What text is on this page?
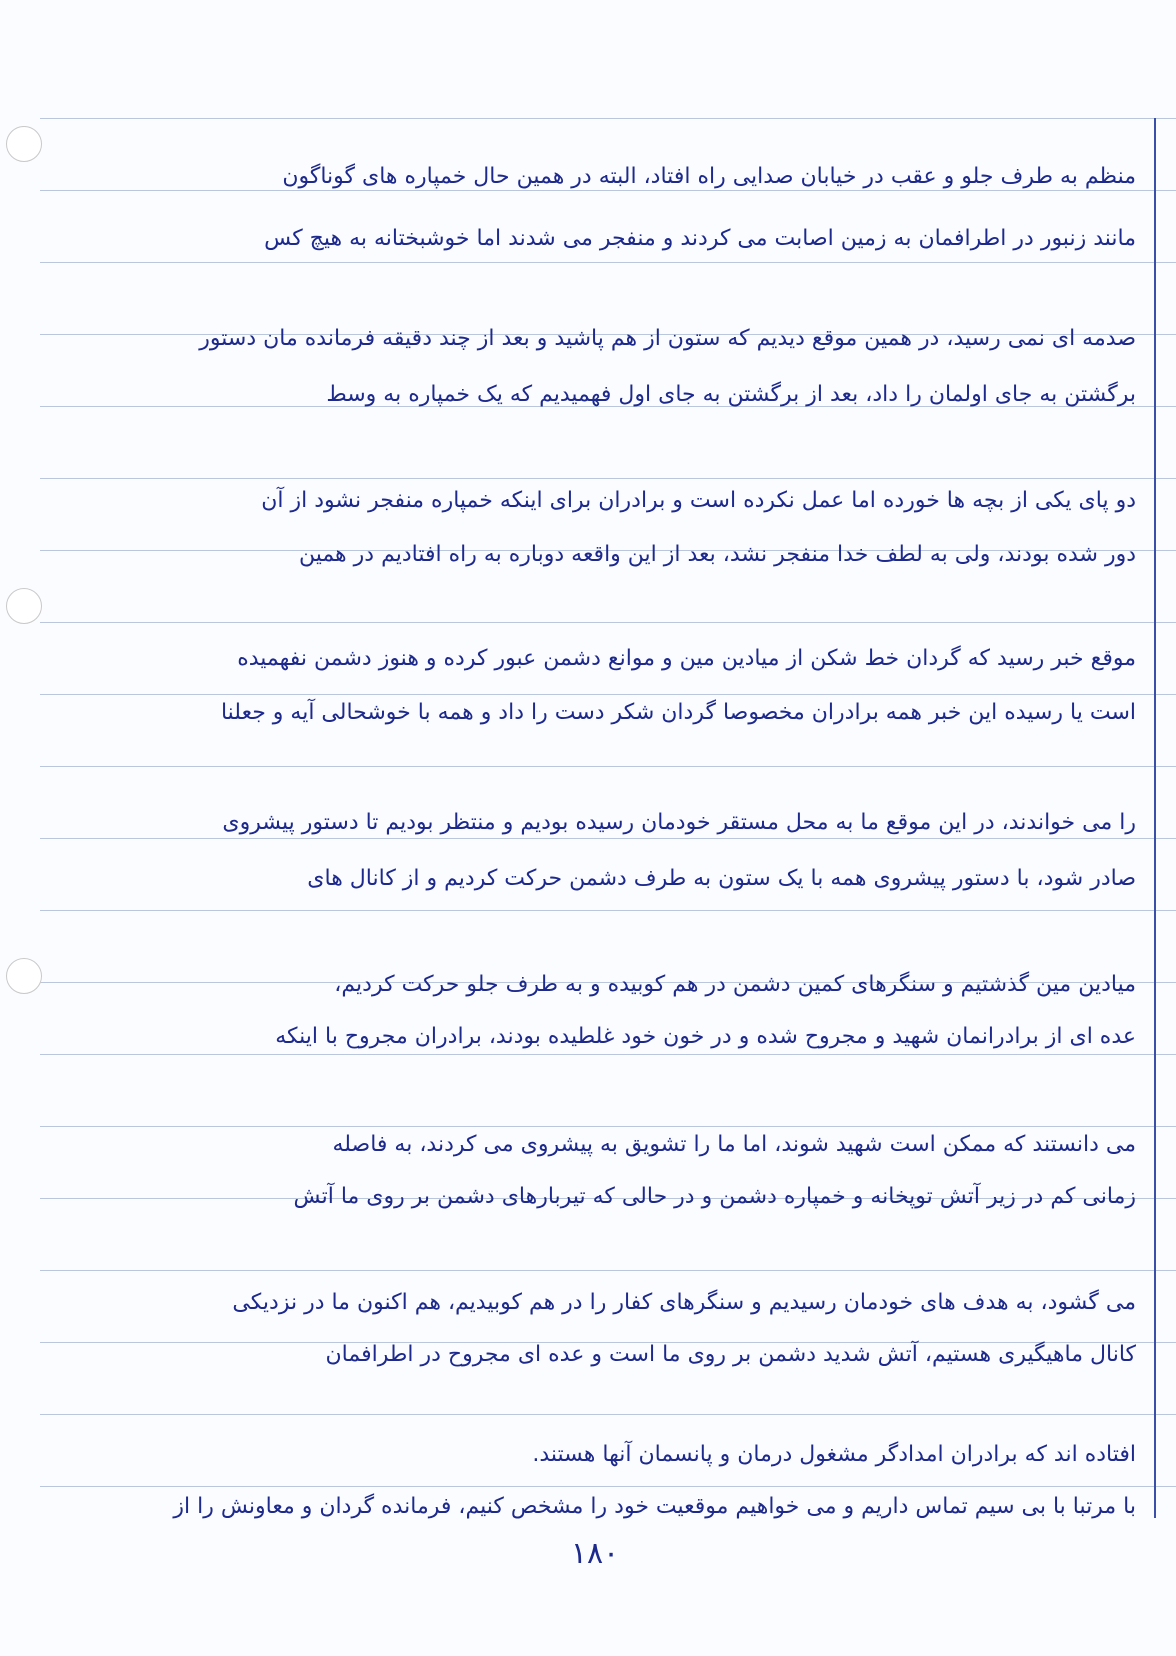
منظم به طرف جلو و عقب در خیابان صدایی راه افتاد، البته در همین حال خمپاره های گوناگون
مانند زنبور در اطرافمان به زمین اصابت می کردند و منفجر می شدند اما خوشبختانه به هیچ کس
صدمه ای نمی رسید، در همین موقع دیدیم که ستون از هم پاشید و بعد از چند دقیقه فرمانده مان دستور
برگشتن به جای اولمان را داد، بعد از برگشتن به جای اول فهمیدیم که یک خمپاره به وسط
دو پای یکی از بچه ها خورده اما عمل نکرده است و برادران برای اینکه خمپاره منفجر نشود از آن
دور شده بودند، ولی به لطف خدا منفجر نشد، بعد از این واقعه دوباره به راه افتادیم در همین
موقع خبر رسید که گردان خط شکن از میادین مین و موانع دشمن عبور کرده و هنوز دشمن نفهمیده
است یا رسیده این خبر همه برادران مخصوصا گردان شکر دست را داد و همه با خوشحالی آیه و جعلنا
را می خواندند، در این موقع ما به محل مستقر خودمان رسیده بودیم و منتظر بودیم تا دستور پیشروی
صادر شود، با دستور پیشروی همه با یک ستون به طرف دشمن حرکت کردیم و از کانال های
میادین مین گذشتیم و سنگرهای کمین دشمن در هم کوبیده و به طرف جلو حرکت کردیم،
عده ای از برادرانمان شهید و مجروح شده و در خون خود غلطیده بودند، برادران مجروح با اینکه
می دانستند که ممکن است شهید شوند، اما ما را تشویق به پیشروی می کردند، به فاصله
زمانی کم در زیر آتش توپخانه و خمپاره دشمن و در حالی که تیربارهای دشمن بر روی ما آتش
می گشود، به هدف های خودمان رسیدیم و سنگرهای کفار را در هم کوبیدیم، هم اکنون ما در نزدیکی
کانال ماهیگیری هستیم، آتش شدید دشمن بر روی ما است و عده ای مجروح در اطرافمان
افتاده اند که برادران امدادگر مشغول درمان و پانسمان آنها هستند.
با مرتبا با بی سیم تماس داریم و می خواهیم موقعیت خود را مشخص کنیم، فرمانده گردان و معاونش را از
۱۸۰
